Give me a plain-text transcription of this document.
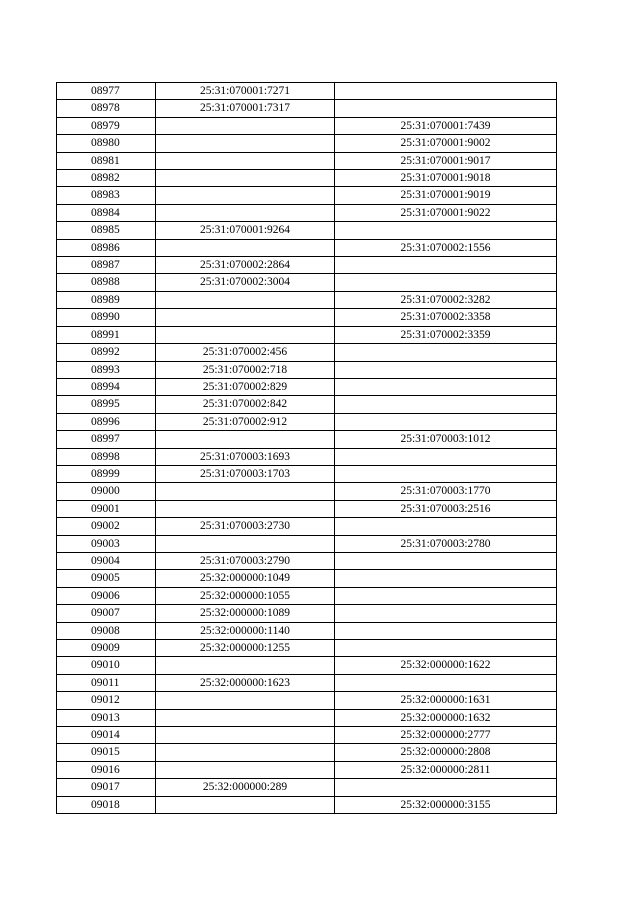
08977	25:31:070001:7271	
08978	25:31:070001:7317	
08979		25:31:070001:7439
08980		25:31:070001:9002
08981		25:31:070001:9017
08982		25:31:070001:9018
08983		25:31:070001:9019
08984		25:31:070001:9022
08985	25:31:070001:9264	
08986		25:31:070002:1556
08987	25:31:070002:2864	
08988	25:31:070002:3004	
08989		25:31:070002:3282
08990		25:31:070002:3358
08991		25:31:070002:3359
08992	25:31:070002:456	
08993	25:31:070002:718	
08994	25:31:070002:829	
08995	25:31:070002:842	
08996	25:31:070002:912	
08997		25:31:070003:1012
08998	25:31:070003:1693	
08999	25:31:070003:1703	
09000		25:31:070003:1770
09001		25:31:070003:2516
09002	25:31:070003:2730	
09003		25:31:070003:2780
09004	25:31:070003:2790	
09005	25:32:000000:1049	
09006	25:32:000000:1055	
09007	25:32:000000:1089	
09008	25:32:000000:1140	
09009	25:32:000000:1255	
09010		25:32:000000:1622
09011	25:32:000000:1623	
09012		25:32:000000:1631
09013		25:32:000000:1632
09014		25:32:000000:2777
09015		25:32:000000:2808
09016		25:32:000000:2811
09017	25:32:000000:289	
09018		25:32:000000:3155
